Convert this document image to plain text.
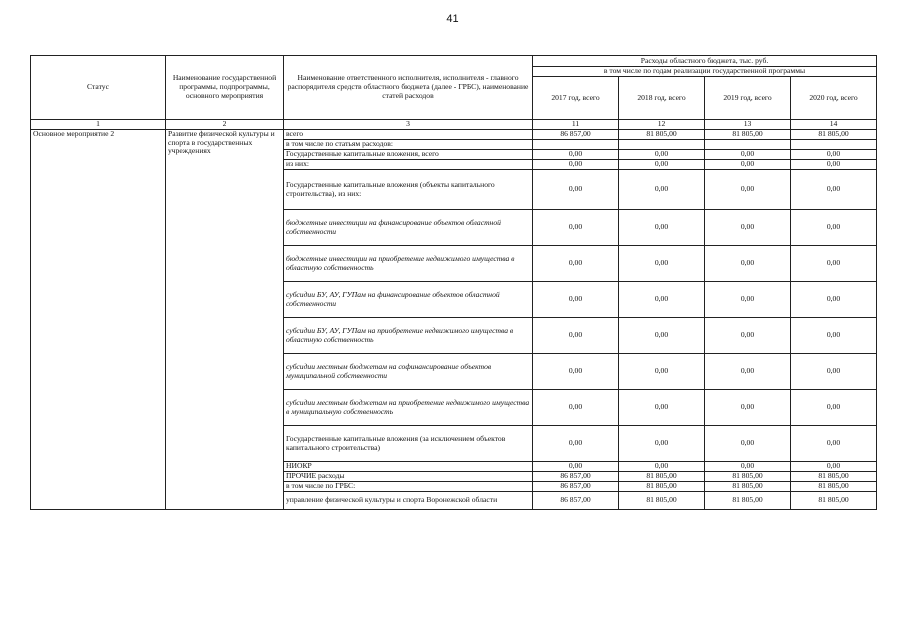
41
Статус	Наименование государственной программы, подпрограммы, основного мероприятия	Наименование ответственного исполнителя, исполнителя - главного распорядителя средств областного бюджета (далее - ГРБС), наименование статей расходов	Расходы областного бюджета, тыс. руб.			
			в том числе по годам реализации государственной программы			
			2017 год, всего	2018 год, всего	2019 год, всего	2020 год, всего
1	2	3	11	12	13	14
Основное мероприятие 2	Развитие физической культуры и спорта в государственных учреждениях	всего	86 857,00	81 805,00	81 805,00	81 805,00
		в том числе по статьям расходов:				
		Государственные капитальные вложения, всего	0,00	0,00	0,00	0,00
		из них:	0,00	0,00	0,00	0,00
		Государственные капитальные вложения (объекты капитального строительства), из них:	0,00	0,00	0,00	0,00
		бюджетные инвестиции на финансирование объектов областной собственности	0,00	0,00	0,00	0,00
		бюджетные инвестиции на приобретение недвижимого имущества в областную собственность	0,00	0,00	0,00	0,00
		субсидии БУ, АУ, ГУПам на финансирование объектов областной собственности	0,00	0,00	0,00	0,00
		субсидии БУ, АУ, ГУПам на приобретение недвижимого имущества в областную собственность	0,00	0,00	0,00	0,00
		субсидии местным бюджетам на софинансирование объектов муниципальной собственности	0,00	0,00	0,00	0,00
		субсидии местным бюджетам на приобретение недвижимого имущества в муниципальную собственность	0,00	0,00	0,00	0,00
		Государственные капитальные вложения (за исключением объектов капитального строительства)	0,00	0,00	0,00	0,00
		НИОКР	0,00	0,00	0,00	0,00
		ПРОЧИЕ расходы	86 857,00	81 805,00	81 805,00	81 805,00
		в том числе по ГРБС:	86 857,00	81 805,00	81 805,00	81 805,00
		управление физической культуры и спорта Воронежской области	86 857,00	81 805,00	81 805,00	81 805,00
